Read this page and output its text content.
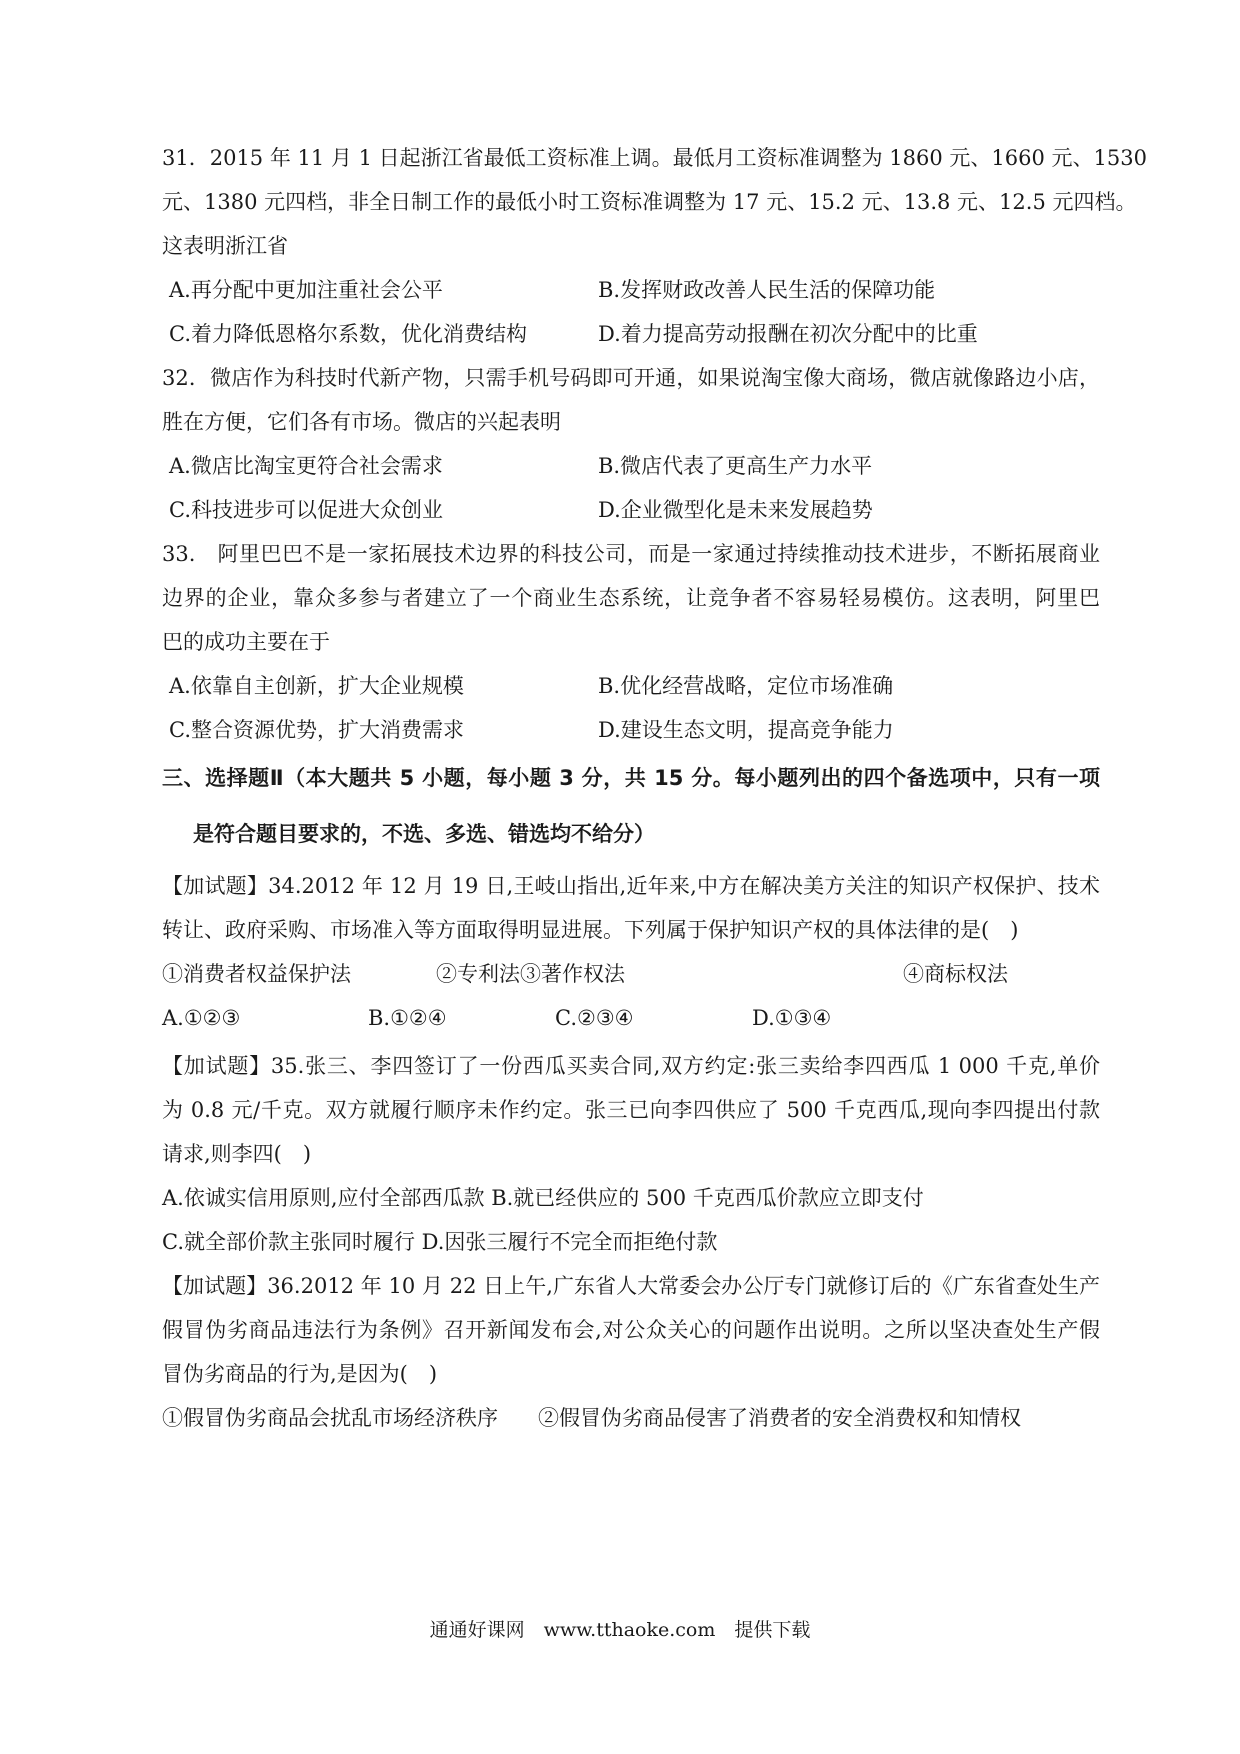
31．2015 年 11 月 1 日起浙江省最低工资标准上调。最低月工资标准调整为 1860 元、1660 元、1530
元、1380 元四档，非全日制工作的最低小时工资标准调整为 17 元、15.2 元、13.8 元、12.5 元四档。
这表明浙江省
A.再分配中更加注重社会公平	B.发挥财政改善人民生活的保障功能
C.着力降低恩格尔系数，优化消费结构	D.着力提高劳动报酬在初次分配中的比重
32．微店作为科技时代新产物，只需手机号码即可开通，如果说淘宝像大商场，微店就像路边小店，
胜在方便，它们各有市场。微店的兴起表明
A.微店比淘宝更符合社会需求	B.微店代表了更高生产力水平
C.科技进步可以促进大众创业	D.企业微型化是未来发展趋势
33.　阿里巴巴不是一家拓展技术边界的科技公司，而是一家通过持续推动技术进步，不断拓展商业
边界的企业，靠众多参与者建立了一个商业生态系统，让竞争者不容易轻易模仿。这表明，阿里巴
巴的成功主要在于
A.依靠自主创新，扩大企业规模	B.优化经营战略，定位市场准确
C.整合资源优势，扩大消费需求	D.建设生态文明，提高竞争能力
三、选择题Ⅱ（本大题共 5 小题，每小题 3 分，共 15 分。每小题列出的四个备选项中，只有一项
是符合题目要求的，不选、多选、错选均不给分）
【加试题】34.2012 年 12 月 19 日,王岐山指出,近年来,中方在解决美方关注的知识产权保护、技术
转让、政府采购、市场准入等方面取得明显进展。下列属于保护知识产权的具体法律的是(　)
①消费者权益保护法	②专利法③著作权法	④商标权法
A.①②③	B.①②④	C.②③④	D.①③④
【加试题】35.张三、李四签订了一份西瓜买卖合同,双方约定:张三卖给李四西瓜 1 000 千克,单价
为 0.8 元/千克。双方就履行顺序未作约定。张三已向李四供应了 500 千克西瓜,现向李四提出付款
请求,则李四(　)
A.依诚实信用原则,应付全部西瓜款 B.就已经供应的 500 千克西瓜价款应立即支付
C.就全部价款主张同时履行 D.因张三履行不完全而拒绝付款
【加试题】36.2012 年 10 月 22 日上午,广东省人大常委会办公厅专门就修订后的《广东省查处生产
假冒伪劣商品违法行为条例》召开新闻发布会,对公众关心的问题作出说明。之所以坚决查处生产假
冒伪劣商品的行为,是因为(　)
①假冒伪劣商品会扰乱市场经济秩序 ②假冒伪劣商品侵害了消费者的安全消费权和知情权
通通好课网　www.tthaoke.com　提供下载
